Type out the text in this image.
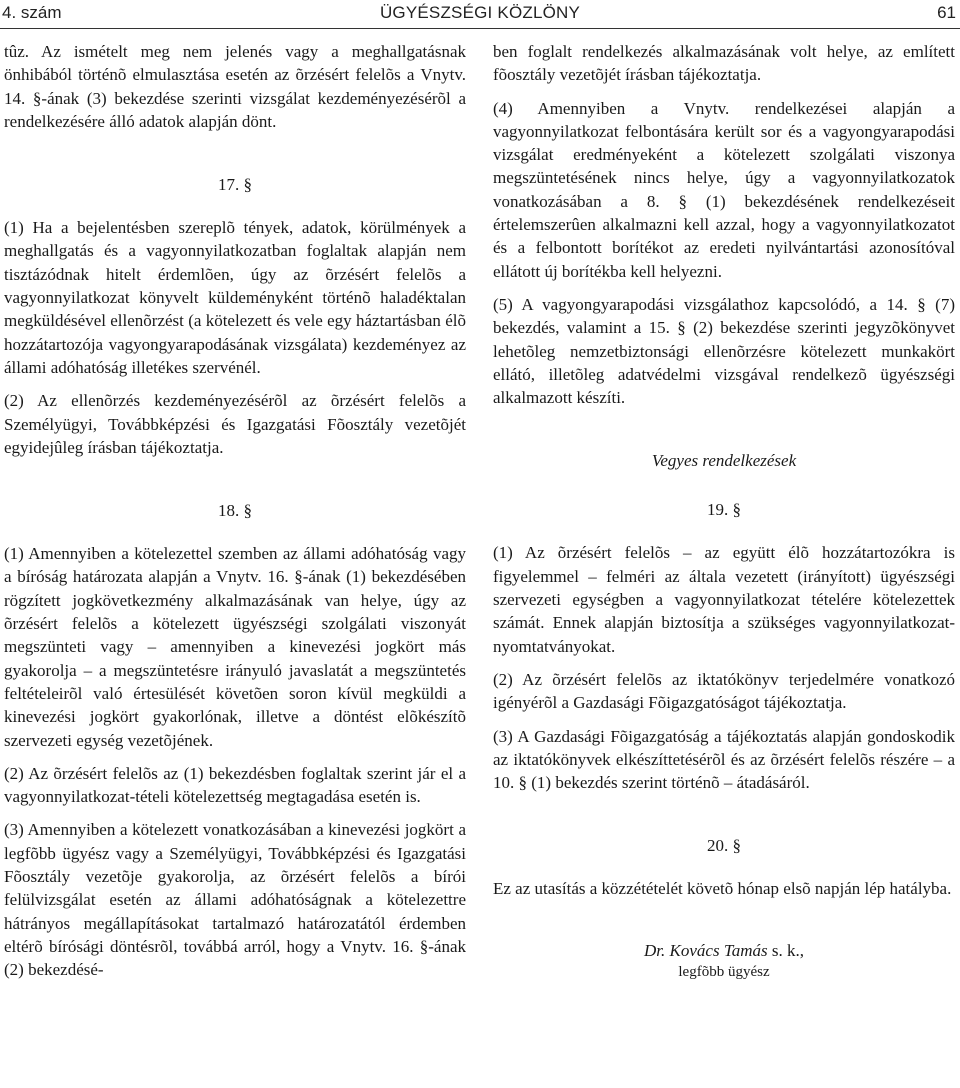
4. szám	ÜGYÉSZSÉGI KÖZLÖNY	61

tûz. Az ismételt meg nem jelenés vagy a meghallgatásnak önhibából történõ elmulasztása esetén az õrzésért felelõs a Vnytv. 14. §-ának (3) bekezdése szerinti vizsgálat kezdeményezésérõl a rendelkezésére álló adatok alapján dönt.

17. §

(1) Ha a bejelentésben szereplõ tények, adatok, körülmények a meghallgatás és a vagyonnyilatkozatban foglaltak alapján nem tisztázódnak hitelt érdemlõen, úgy az õrzésért felelõs a vagyonnyilatkozat könyvelt küldeményként történõ haladéktalan megküldésével ellenõrzést (a kötelezett és vele egy háztartásban élõ hozzátartozója vagyongyarapodásának vizsgálata) kezdeményez az állami adóhatóság illetékes szervénél.

(2) Az ellenõrzés kezdeményezésérõl az õrzésért felelõs a Személyügyi, Továbbképzési és Igazgatási Fõosztály vezetõjét egyidejûleg írásban tájékoztatja.

18. §

(1) Amennyiben a kötelezettel szemben az állami adóhatóság vagy a bíróság határozata alapján a Vnytv. 16. §-ának (1) bekezdésében rögzített jogkövetkezmény alkalmazásának van helye, úgy az õrzésért felelõs a kötelezett ügyészségi szolgálati viszonyát megszünteti vagy – amennyiben a kinevezési jogkört más gyakorolja – a megszüntetésre irányuló javaslatát a megszüntetés feltételeirõl való értesülését követõen soron kívül megküldi a kinevezési jogkört gyakorlónak, illetve a döntést elõkészítõ szervezeti egység vezetõjének.

(2) Az õrzésért felelõs az (1) bekezdésben foglaltak szerint jár el a vagyonnyilatkozat-tételi kötelezettség megtagadása esetén is.

(3) Amennyiben a kötelezett vonatkozásában a kinevezési jogkört a legfõbb ügyész vagy a Személyügyi, Továbbképzési és Igazgatási Fõosztály vezetõje gyakorolja, az õrzésért felelõs a bírói felülvizsgálat esetén az állami adóhatóságnak a kötelezettre hátrányos megállapításokat tartalmazó határozatától érdemben eltérõ bírósági döntésrõl, továbbá arról, hogy a Vnytv. 16. §-ának (2) bekezdésé-

ben foglalt rendelkezés alkalmazásának volt helye, az említett fõosztály vezetõjét írásban tájékoztatja.

(4) Amennyiben a Vnytv. rendelkezései alapján a vagyonnyilatkozat felbontására került sor és a vagyongyarapodási vizsgálat eredményeként a kötelezett szolgálati viszonya megszüntetésének nincs helye, úgy a vagyonnyilatkozatok vonatkozásában a 8. § (1) bekezdésének rendelkezéseit értelemszerûen alkalmazni kell azzal, hogy a vagyonnyilatkozatot és a felbontott borítékot az eredeti nyilvántartási azonosítóval ellátott új borítékba kell helyezni.

(5) A vagyongyarapodási vizsgálathoz kapcsolódó, a 14. § (7) bekezdés, valamint a 15. § (2) bekezdése szerinti jegyzõkönyvet lehetõleg nemzetbiztonsági ellenõrzésre kötelezett munkakört ellátó, illetõleg adatvédelmi vizsgával rendelkezõ ügyészségi alkalmazott készíti.

Vegyes rendelkezések
19. §

(1) Az õrzésért felelõs – az együtt élõ hozzátartozókra is figyelemmel – felméri az általa vezetett (irányított) ügyészségi szervezeti egységben a vagyonnyilatkozat tételére kötelezettek számát. Ennek alapján biztosítja a szükséges vagyonnyilatkozat-nyomtatványokat.

(2) Az õrzésért felelõs az iktatókönyv terjedelmére vonatkozó igényérõl a Gazdasági Fõigazgatóságot tájékoztatja.

(3) A Gazdasági Fõigazgatóság a tájékoztatás alapján gondoskodik az iktatókönyvek elkészíttetésérõl és az õrzésért felelõs részére – a 10. § (1) bekezdés szerint történõ – átadásáról.

20. §

Ez az utasítás a közzétételét követõ hónap elsõ napján lép hatályba.

Dr. Kovács Tamás s. k.,
legfõbb ügyész
